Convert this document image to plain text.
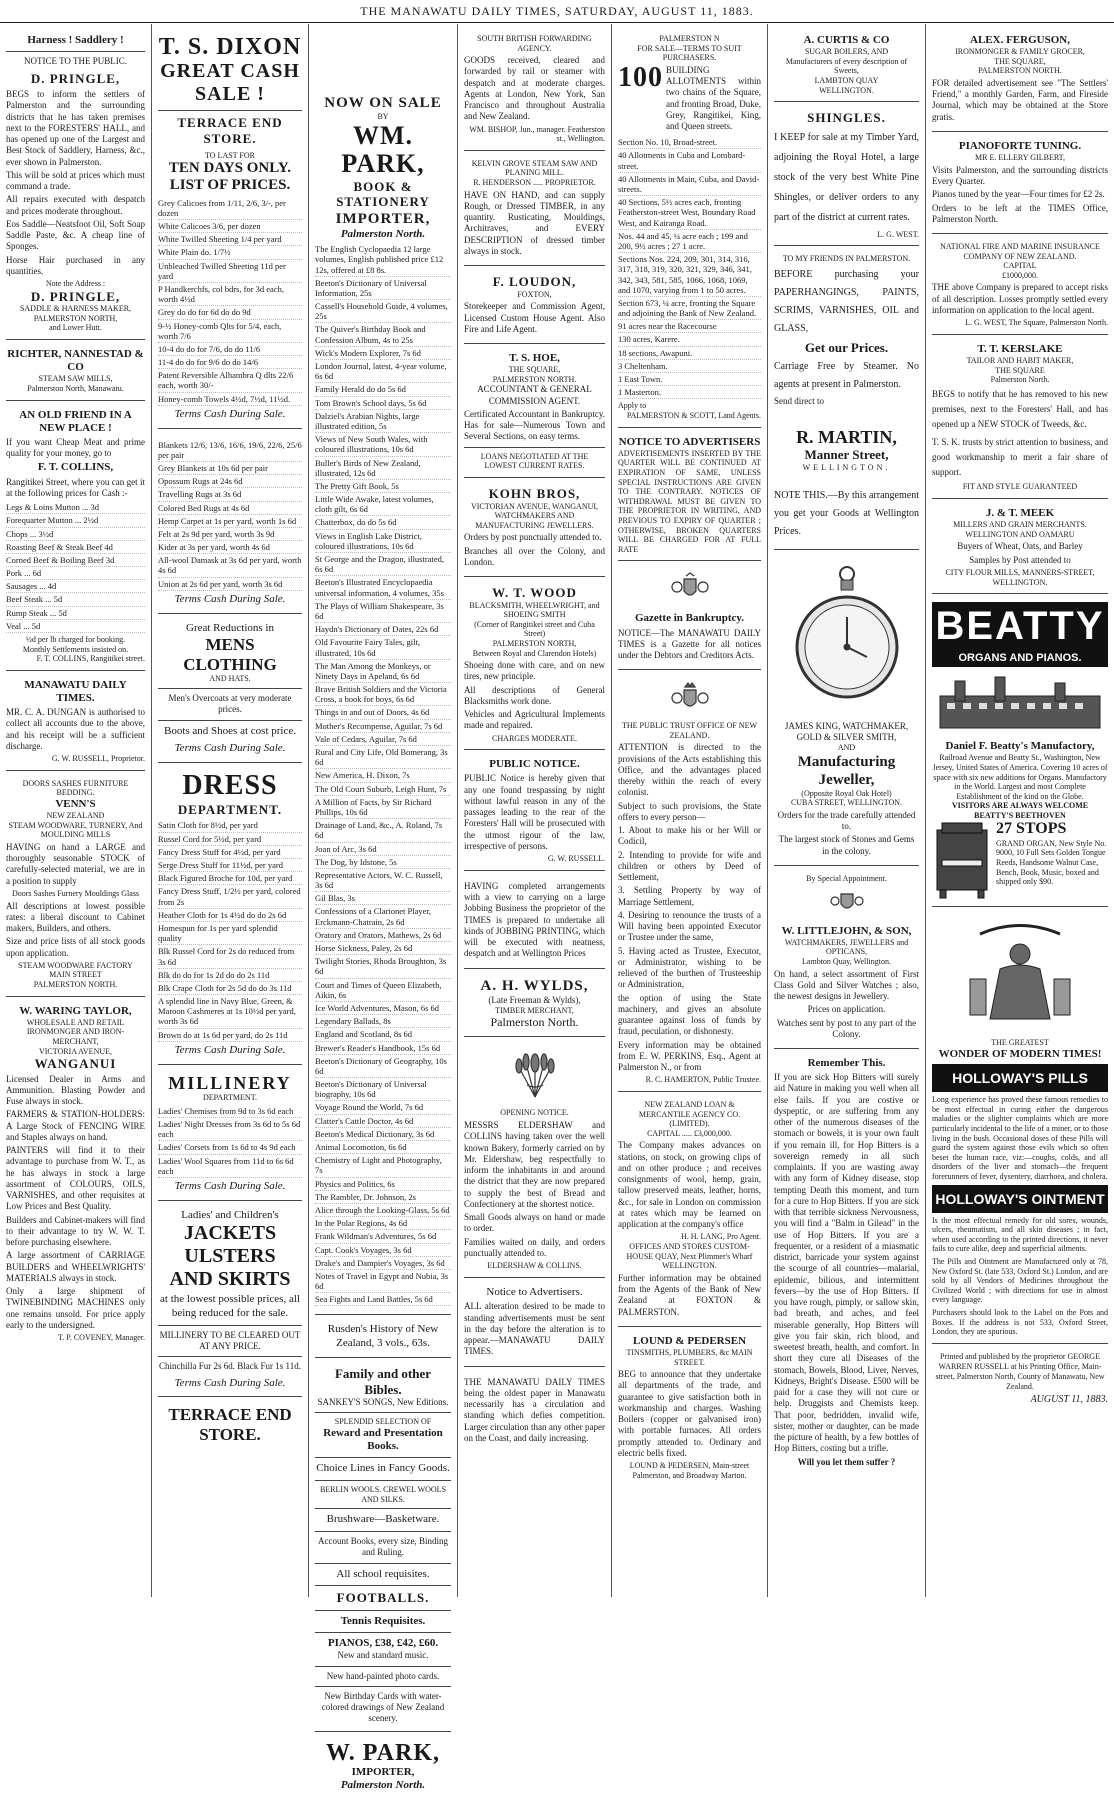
THE MANAWATU DAILY TIMES, SATURDAY, AUGUST 11, 1883.
Harness ! Saddlery !
NOTICE TO THE PUBLIC.
D. PRINGLE,
BEGS to inform the settlers of Palmerston and the surrounding districts that he has taken premises next to the FORESTERS' HALL, and has opened up one of the Largest and Best Stock of Saddlery, Harness, &c., ever shown in Palmerston.
This will be sold at prices which must command a trade.
All repairs executed with despatch and prices moderate throughout.
Eos Saddle—Neatsfoot Oil, Soft Soap Saddle Paste, &c. A cheap line of Sponges.
Horse Hair purchased in any quantities.
Note the Address :
D. PRINGLE,
SADDLE & HARNESS MAKER,
PALMERSTON NORTH,
and Lower Hutt.
RICHTER, NANNESTAD & CO
STEAM SAW MILLS,
Palmerston North, Manawatu.
AN OLD FRIEND IN A NEW PLACE !
If you want Cheap Meat and prime quality for your money, go to
F. T. COLLINS,
Rangitikei Street, where you can get it at the following prices for Cash :-
Legs & Loins Mutton ... 3d
Forequarter Mutton ... 2½d
Chops ... 3½d
Roasting Beef & Steak Beef 4d
Corned Beef & Boiling Beef 3d
Pork ... 6d
Sausages ... 4d
Beef Steak ... 5d
Rump Steak ... 5d
Veal ... 5d
½d per lb charged for booking.
Monthly Settlements insisted on.
F. T. COLLINS, Rangitikei street.
MANAWATU DAILY TIMES.
MR. C. A. DUNGAN is authorised to collect all accounts due to the above, and his receipt will be a sufficient discharge.
G. W. RUSSELL, Proprietor.
DOORS SASHES FURNITURE BEDDING.
VENN'S
NEW ZEALAND
STEAM WOODWARE, TURNERY, And MOULDING MILLS
HAVING on hand a LARGE and thoroughly seasonable STOCK of carefully-selected material, we are in a position to supply
Doors Sashes Furnery Mouldings Glass
All descriptions at lowest possible rates: a liberal discount to Cabinet makers, Builders, and others.
Size and price lists of all stock goods upon application.
STEAM WOODWARE FACTORY
MAIN STREET
PALMERSTON NORTH.
W. WARING TAYLOR,
WHOLESALE AND RETAIL IRONMONGER AND IRON-MERCHANT,
VICTORIA AVENUE,
WANGANUI
Licensed Dealer in Arms and Ammunition. Blasting Powder and Fuse always in stock.
FARMERS & STATION-HOLDERS: A Large Stock of FENCING WIRE and Staples always on hand.
PAINTERS will find it to their advantage to purchase from W. T., as he has always in stock a large assortment of COLOURS, OILS, VARNISHES, and other requisites at Low Prices and Best Quality.
Builders and Cabinet-makers will find to their advantage to try W. W. T. before purchasing elsewhere.
A large assortment of CARRIAGE BUILDERS and WHEELWRIGHTS' MATERIALS always in stock.
Only a large shipment of TWINEBINDING MACHINES only one remains unsold. For price apply early to the undersigned.
T. P. COVENEY, Manager.
T. S. DIXON
GREAT CASH SALE !
TERRACE END STORE.
TO LAST FOR
TEN DAYS ONLY.
LIST OF PRICES.
Grey Calicoes from 1/11, 2/6, 3/-, per dozen
White Calicoes 3/6, per dozen
White Twilled Sheeting 1/4 per yard
White Plain do. 1/7½
Unbleached Twilled Sheeting 11d per yard
P Handkerchfs, col bdrs, for 3d each, worth 4½d
Grey do do for 6d do do 9d
9-½ Honey-comb Qlts for 5/4, each, worth 7/6
10-4 do do for 7/6, do do 11/6
11-4 do do for 9/6 do do 14/6
Patent Reversible Alhambra Q dlts 22/6 each, worth 30/-
Honey-comb Towels 4½d, 7½d, 11½d.
Terms Cash During Sale.
Blankets 12/6, 13/6, 16/6, 19/6, 22/6, 25/6 per pair
Grey Blankets at 10s 6d per pair
Opossum Rugs at 24s 6d
Travelling Rugs at 3s 6d
Colored Bed Rugs at 4s 6d
Hemp Carpet at 1s per yard, worth 1s 6d
Felt at 2s 9d per yard, worth 3s 9d
Kider at 3s per yard, worth 4s 6d
All-wool Damask at 3s 6d per yard, worth 4s 6d
Union at 2s 6d per yard, worth 3s 6d
Terms Cash During Sale.
Great Reductions in
MENS CLOTHING
AND HATS.
Men's Overcoats at very moderate prices.
Boots and Shoes at cost price.
Terms Cash During Sale.
DRESS
DEPARTMENT.
Satin Cloth for 8½d, per yard
Russel Cord for 5½d, per yard
Fancy Dress Stuff for 4½d, per yard
Serge Dress Stuff for 11½d, per yard
Black Figured Broche for 10d, per yard
Fancy Dress Stuff, 1/2½ per yard, colored from 2s
Heather Cloth for 1s 4½d do do 2s 6d
Homespun for 1s per yard splendid quality
Blk Russel Cord for 2s do reduced from 3s 6d
Blk do do for 1s 2d do do 2s 11d
Blk Crape Cloth for 2s 5d do do 3s 11d
A splendid line in Navy Blue, Green, & Maroon Cashmeres at 1s 10½d per yard, worth 3s 6d
Brown do at 1s 6d per yard, do 2s 11d
Terms Cash During Sale.
MILLINERY
DEPARTMENT.
Ladies' Chemises from 9d to 3s 6d each
Ladies' Night Dresses from 3s 6d to 5s 6d each
Ladies' Corsets from 1s 6d to 4s 9d each
Ladies' Wool Squares from 11d to 6s 6d each
Terms Cash During Sale.
Ladies' and Children's
JACKETS
ULSTERS
AND SKIRTS
at the lowest possible prices, all being reduced for the sale.
MILLINERY TO BE CLEARED OUT AT ANY PRICE.
Chinchilla Fur 2s 6d. Black Fur 1s 11d.
Terms Cash During Sale.
TERRACE END STORE.
NOW ON SALE
BY
WM. PARK,
BOOK & STATIONERY
IMPORTER,
Palmerston North.
The English Cyclopaedia 12 large volumes, English published price £12 12s, offered at £8 8s.
Beeton's Dictionary of Universal Information, 25s
Cassell's Household Guide, 4 volumes, 25s
The Quiver's Birthday Book and Confession Album, 4s to 25s
Wick's Modern Explorer, 7s 6d
London Journal, latest, 4-year volume, 6s 6d
Family Herald do do 5s 6d
Tom Brown's School days, 5s 6d
Dalziel's Arabian Nights, large illustrated edition, 5s
Views of New South Wales, with coloured illustrations, 10s 6d
Buller's Birds of New Zealand, illustrated, 12s 6d
The Pretty Gift Book, 5s
Little Wide Awake, latest volumes, cloth gilt, 6s 6d
Chatterbox, do do 5s 6d
Views in English Lake District, coloured illustrations, 10s 6d
St George and the Dragon, illustrated, 6s 6d
Beeton's Illustrated Encyclopaedia universal information, 4 volumes, 35s
The Plays of William Shakespeare, 3s 6d
Haydn's Dictionary of Dates, 22s 6d
Old Favourite Fairy Tales, gilt, illustrated, 10s 6d
The Man Among the Monkeys, or Ninety Days in Apeland, 6s 6d
Brave British Soldiers and the Victoria Cross, a book for boys, 6s 6d
Things in and out of Doors, 4s 6d
Mother's Recompense, Aguilar, 7s 6d
Vale of Cedars, Aguilar, 7s 6d
Rural and City Life, Old Bomerang, 3s 6d
New America, H. Dixon, 7s
The Old Court Suburb, Leigh Hunt, 7s
A Million of Facts, by Sir Richard Phillips, 10s 6d
Drainage of Land, &c., A. Roland, 7s 6d
Joan of Arc, 3s 6d
The Dog, by Idstone, 5s
Representative Actors, W. C. Russell, 3s 6d
Gil Blas, 3s
Confessions of a Clarionet Player, Erckmann-Chatrain, 2s 6d
Oratory and Orators, Mathews, 2s 6d
Horse Sickness, Paley, 2s 6d
Twilight Stories, Rhoda Broughton, 3s 6d
Court and Times of Queen Elizabeth, Aikin, 6s
Ice World Adventures, Mason, 6s 6d
Legendary Ballads, 8s
England and Scotland, 8s 6d
Brewer's Reader's Handbook, 15s 6d
Beeton's Dictionary of Geography, 10s 6d
Beeton's Dictionary of Universal biography, 10s 6d
Voyage Round the World, 7s 6d
Clatter's Cattle Doctor, 4s 6d
Beeton's Medical Dictionary, 3s 6d
Animal Locomotion, 6s 6d
Chemistry of Light and Photography, 7s
Physics and Politics, 6s
The Rambler, Dr. Johnson, 2s
Alice through the Looking-Glass, 5s 6d
In the Polar Regions, 4s 6d
Frank Wildman's Adventures, 5s 6d
Capt. Cook's Voyages, 3s 6d
Drake's and Dampier's Voyages, 3s 6d
Notes of Travel in Egypt and Nubia, 3s 6d
Sea Fights and Land Battles, 5s 6d
Rusden's History of New Zealand, 3 vols., 63s.
Family and other Bibles.
SANKEY'S SONGS, New Editions.
SPLENDID SELECTION OF
Reward and Presentation Books.
Choice Lines in Fancy Goods.
BERLIN WOOLS. CREWEL WOOLS AND SILKS.
Brushware—Basketware.
Account Books, every size, Binding and Ruling.
All school requisites.
FOOTBALLS.
Tennis Requisites.
PIANOS, £38, £42, £60.
New and standard music.
New hand-painted photo cards.
New Birthday Cards with water-colored drawings of New Zealand scenery.
W. PARK,
IMPORTER,
Palmerston North.
SOUTH BRITISH FORWARDING AGENCY.
GOODS received, cleared and forwarded by rail or steamer with despatch and at moderate charges. Agents at London, New York, San Francisco and throughout Australia and New Zealand.
WM. BISHOP, Jun., manager. Featherston st., Wellington.
KELVIN GROVE STEAM SAW AND PLANING MILL.
R. HENDERSON ..... PROPRIETOR.
HAVE ON HAND, and can supply Rough, or Dressed TIMBER, in any quantity. Rusticating, Mouldings, Architraves, and EVERY DESCRIPTION of dressed timber always in stock.
F. LOUDON,
FOXTON,
Storekeeper and Commission Agent, Licensed Custom House Agent. Also Fire and Life Agent.
T. S. HOE,
THE SQUARE,
PALMERSTON NORTH.
ACCOUNTANT & GENERAL COMMISSION AGENT.
Certificated Accountant in Bankruptcy. Has for sale—Numerous Town and Several Sections, on easy terms.
LOANS NEGOTIATED AT THE LOWEST CURRENT RATES.
KOHN BROS,
VICTORIAN AVENUE, WANGANUI,
WATCHMAKERS AND MANUFACTURING JEWELLERS.
Orders by post punctually attended to.
Branches all over the Colony, and London.
W. T. WOOD
BLACKSMITH, WHEELWRIGHT, and SHOEING SMITH
(Corner of Rangitikei street and Cuba Street)
PALMERSTON NORTH,
Between Royal and Clarendon Hotels)
Shoeing done with care, and on new tires, new principle.
All descriptions of General Blacksmiths work done.
Vehicles and Agricultural Implements made and repaired.
CHARGES MODERATE.
PUBLIC NOTICE.
PUBLIC Notice is hereby given that any one found trespassing by night without lawful reason in any of the passages leading to the rear of the Foresters' Hall will be prosecuted with the utmost rigour of the law, irrespective of persons.
G. W. RUSSELL.
HAVING completed arrangements with a view to carrying on a large Jobbing Business the proprietor of the TIMES is prepared to undertake all kinds of JOBBING PRINTING, which will be executed with neatness, despatch and at Wellington Prices
A. H. WYLDS,
(Late Freeman & Wylds),
TIMBER MERCHANT,
Palmerston North.
OPENING NOTICE.
MESSRS ELDERSHAW and COLLINS having taken over the well known Bakery, formerly carried on by Mr. Eldershaw, beg respectfully to inform the inhabitants in and around the district that they are now prepared to supply the best of Bread and Confectionery at the shortest notice.
Small Goods always on hand or made to order.
Families waited on daily, and orders punctually attended to.
ELDERSHAW & COLLINS.
Notice to Advertisers.
ALL alteration desired to be made to standing advertisements must be sent in the day before the alteration is to appear.—MANAWATU DAILY TIMES.
THE MANAWATU DAILY TIMES being the oldest paper in Manawatu necessarily has a circulation and standing which defies competition. Larger circulation than any other paper on the Coast, and daily increasing.
PALMERSTON N
FOR SALE—TERMS TO SUIT PURCHASERS.
100 BUILDING ALLOTMENTS within two chains of the Square, and fronting Broad, Duke, Grey, Rangitikei, King, and Queen streets.
Section No. 10, Broad-street.
40 Allotments in Cuba and Lombard-street.
40 Allotments in Main, Cuba, and David-streets.
40 Sections, 5½ acres each, fronting Featherston-street West, Boundary Road West, and Kairanga Road.
Nos. 44 and 45, ¼ acre each ; 199 and 200, 9½ acres ; 27 1 acre.
Sections Nos. 224, 209, 301, 314, 316, 317, 318, 319, 320, 321, 329, 346, 341, 342, 343, 581, 585, 1066, 1068, 1069, and 1070, varying from 1 to 50 acres.
Section 673, ¼ acre, fronting the Square and adjoining the Bank of New Zealand.
91 acres near the Racecourse
130 acres, Karere.
18 sections, Awapuni.
3 Cheltenham.
1 East Town.
1 Masterton.
Apply to
PALMERSTON & SCOTT, Land Agents.
NOTICE TO ADVERTISERS
ADVERTISEMENTS INSERTED BY THE QUARTER WILL BE CONTINUED AT EXPIRATION OF SAME, UNLESS SPECIAL INSTRUCTIONS ARE GIVEN TO THE CONTRARY. NOTICES OF WITHDRAWAL MUST BE GIVEN TO THE PROPRIETOR IN WRITING, AND PREVIOUS TO EXPIRY OF QUARTER ; OTHERWISE, BROKEN QUARTERS WILL BE CHARGED FOR AT FULL RATE
Gazette in Bankruptcy.
NOTICE—The MANAWATU DAILY TIMES is a Gazette for all notices under the Debtors and Creditors Acts.
THE PUBLIC TRUST OFFICE OF NEW ZEALAND.
ATTENTION is directed to the provisions of the Acts establishing this Office, and the advantages placed thereby within the reach of every colonist.
Subject to such provisions, the State offers to every person—
1. About to make his or her Will or Codicil,
2. Intending to provide for wife and children or others by Deed of Settlement,
3. Settling Property by way of Marriage Settlement,
4. Desiring to renounce the trusts of a Will having been appointed Executor or Trustee under the same,
5. Having acted as Trustee, Executor, or Administrator, wishing to be relieved of the burthen of Trusteeship or Administration,
the option of using the State machinery, and gives an absolute guarantee against loss of funds by fraud, peculation, or dishonesty.
Every information may be obtained from E. W. PERKINS, Esq., Agent at Palmerston N., or from
R. C. HAMERTON, Public Trustee.
NEW ZEALAND LOAN & MERCANTILE AGENCY CO. (LIMITED).
CAPITAL ..... £3,000,000.
The Company makes advances on stations, on stock, on growing clips of and on other produce ; and receives consignments of wool, hemp, grain, tallow preserved meats, leather, horns, &c., for sale in London on commission at rates which may be learned on application at the company's office
H. H. LANG, Pro Agent.
OFFICES AND STORES CUSTOM-HOUSE QUAY, Next Plimmer's Wharf WELLINGTON.
Further information may be obtained from the Agents of the Bank of New Zealand at FOXTON & PALMERSTON.
LOUND & PEDERSEN
TINSMITHS, PLUMBERS, &c MAIN STREET.
BEG to announce that they undertake all departments of the trade, and guarantee to give satisfaction both in workmanship and charges. Washing Boilers (copper or galvanised iron) with portable furnaces. All orders promptly attended to. Ordinary and electric bells fixed.
LOUND & PEDERSEN, Main-street Palmerston, and Broadway Marton.
A. CURTIS & CO
SUGAR BOILERS, AND
Manufacturers of every description of Sweets,
LAMBTON QUAY
WELLINGTON.
SHINGLES.
I KEEP for sale at my Timber Yard, adjoining the Royal Hotel, a large stock of the very best White Pine Shingles, or deliver orders to any part of the district at current rates.
L. G. WEST.
TO MY FRIENDS IN PALMERSTON.
BEFORE purchasing your PAPERHANGINGS, PAINTS, SCRIMS, VARNISHES, OIL and GLASS,
Get our Prices.
Carriage Free by Steamer. No agents at present in Palmerston.
Send direct to
R. MARTIN,
Manner Street,
WELLINGTON.
NOTE THIS.—By this arrangement you get your Goods at Wellington Prices.
JAMES KING, WATCHMAKER, GOLD & SILVER SMITH,
AND
Manufacturing Jeweller,
(Opposite Royal Oak Hotel)
CUBA STREET, WELLINGTON.
Orders for the trade carefully attended to.
The largest stock of Stones and Gems in the colony.
By Special Appointment.
W. LITTLEJOHN, & SON,
WATCHMAKERS, JEWELLERS and OPTICANS,
Lambton Quay, Wellington.
On hand, a select assortment of First Class Gold and Silver Watches ; also, the newest designs in Jewellery.
Prices on application.
Watches sent by post to any part of the Colony.
Remember This.
If you are sick Hop Bitters will surely aid Nature in making you well when all else fails. If you are costive or dyspeptic, or are suffering from any other of the numerous diseases of the stomach or bowels, it is your own fault if you remain ill, for Hop Bitters is a sovereign remedy in all such complaints. If you are wasting away with any form of Kidney disease, stop tempting Death this moment, and turn for a cure to Hop Bitters. If you are sick with that terrible sickness Nervousness, you will find a "Balm in Gilead" in the use of Hop Bitters. If you are a frequenter, or a resident of a miasmatic district, barricade your system against the scourge of all countries—malarial, epidemic, bilious, and intermittent fevers—by the use of Hop Bitters. If you have rough, pimply, or sallow skin, bad breath, and aches, and feel miserable generally, Hop Bitters will give you fair skin, rich blood, and sweetest breath, health, and comfort. In short they cure all Diseases of the stomach, Bowels, Blood, Liver, Nerves, Kidneys, Bright's Disease. £500 will be paid for a case they will not cure or help. Druggists and Chemists keep. That poor, bedridden, invalid wife, sister, mother or daughter, can be made the picture of health, by a few bottles of Hop Bitters, costing but a trifle.
Will you let them suffer ?
ALEX. FERGUSON,
IRONMONGER & FAMILY GROCER,
THE SQUARE,
PALMERSTON NORTH.
FOR detailed advertisement see "The Settlers' Friend," a monthly Garden, Farm, and Fireside Journal, which may be obtained at the Store gratis.
PIANOFORTE TUNING.
MR E. ELLERY GILBERT,
Visits Palmerston, and the surrounding districts Every Quarter.
Pianos tuned by the year—Four times for £2 2s.
Orders to be left at the TIMES Office, Palmerston North.
NATIONAL FIRE AND MARINE INSURANCE COMPANY OF NEW ZEALAND.
CAPITAL
£1000,000.
THE above Company is prepared to accept risks of all description. Losses promptly settled every information on application to the local agent.
L. G. WEST, The Square, Palmerston North.
T. T. KERSLAKE
TAILOR AND HABIT MAKER,
THE SQUARE
Palmerston North.
BEGS to notify that he has removed to his new premises, next to the Foresters' Hall, and has opened up a NEW STOCK of Tweeds, &c.
T. S. K. trusts by strict attention to business, and good workmanship to merit a fair share of support.
FIT AND STYLE GUARANTEED
J. & T. MEEK
MILLERS AND GRAIN MERCHANTS.
WELLINGTON AND OAMARU
Buyers of Wheat, Oats, and Barley
Samples by Post attended to
CITY FLOUR MILLS, MANNERS-STREET, WELLINGTON.
BEATTY
ORGANS AND PIANOS.
Daniel F. Beatty's Manufactory,
Railroad Avenue and Beatty St., Washington, New Jersey, United States of America. Covering 10 acres of space with six new additions for Organs. Manufactory in the World. Largest and most Complete Establishment of the kind on the Globe.
VISITORS ARE ALWAYS WELCOME
BEATTY'S BEETHOVEN
27 STOPS
GRAND ORGAN, New Style No. 9000, 10 Full Sets Golden Tongue Reeds, Handsome Walnut Case, Bench, Book, Music, boxed and shipped only $90.
THE GREATEST
WONDER OF MODERN TIMES!
HOLLOWAY'S PILLS
Long experience has proved these famous remedies to be most effectual in curing either the dangerous maladies or the slighter complaints which are more particularly incidental to the life of a miner, or to those living in the bush. Occasional doses of these Pills will guard the system against those evils which so often beset the human race, viz:—coughs, colds, and all disorders of the liver and stomach—the frequent forerunners of fever, dysentery, diarrhoea, and cholera.
HOLLOWAY'S OINTMENT
Is the most effectual remedy for old sores, wounds, ulcers, rheumatism, and all skin diseases ; in fact, when used according to the printed directions, it never fails to cure alike, deep and superficial ailments.
The Pills and Ointment are Manufactured only at 78, New Oxford St. (late 533, Oxford St.) London, and are sold by all Vendors of Medicines throughout the Civilized World ; with directions for use in almost every language.
Purchasers should look to the Label on the Pots and Boxes. If the address is not 533, Oxford Street, London, they are spurious.
Printed and published by the proprietor GEORGE WARREN RUSSELL at his Printing Office, Main-street, Palmerston North, County of Manawatu, New Zealand.
AUGUST 11, 1883.
